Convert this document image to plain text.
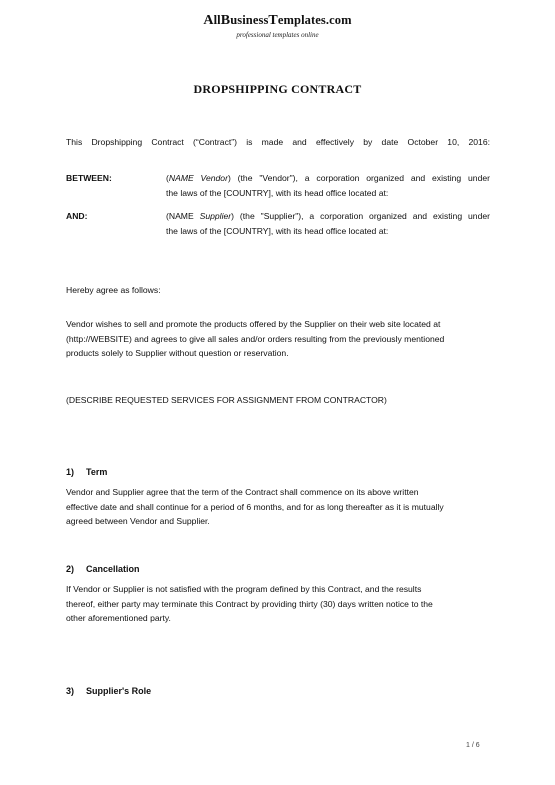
AllBusinessTemplates.com
professional templates online
DROPSHIPPING CONTRACT
This Dropshipping Contract (“Contract”) is made and effectively by date October 10, 2016:
BETWEEN:	(NAME Vendor) (the "Vendor"), a corporation organized and existing under
the laws of the [COUNTRY], with its head office located at:
AND:	(NAME Supplier) (the "Supplier"), a corporation organized and existing under
the laws of the [COUNTRY], with its head office located at:
Hereby agree as follows:
Vendor wishes to sell and promote the products offered by the Supplier on their web site located at
(http://WEBSITE) and agrees to give all sales and/or orders resulting from the previously mentioned
products solely to Supplier without question or reservation.
(DESCRIBE REQUESTED SERVICES FOR ASSIGNMENT FROM CONTRACTOR)
1) Term
Vendor and Supplier agree that the term of the Contract shall commence on its above written
effective date and shall continue for a period of 6 months, and for as long thereafter as it is mutually
agreed between Vendor and Supplier.
2) Cancellation
If Vendor or Supplier is not satisfied with the program defined by this Contract, and the results
thereof, either party may terminate this Contract by providing thirty (30) days written notice to the
other aforementioned party.
3) Supplier's Role
1 / 6
